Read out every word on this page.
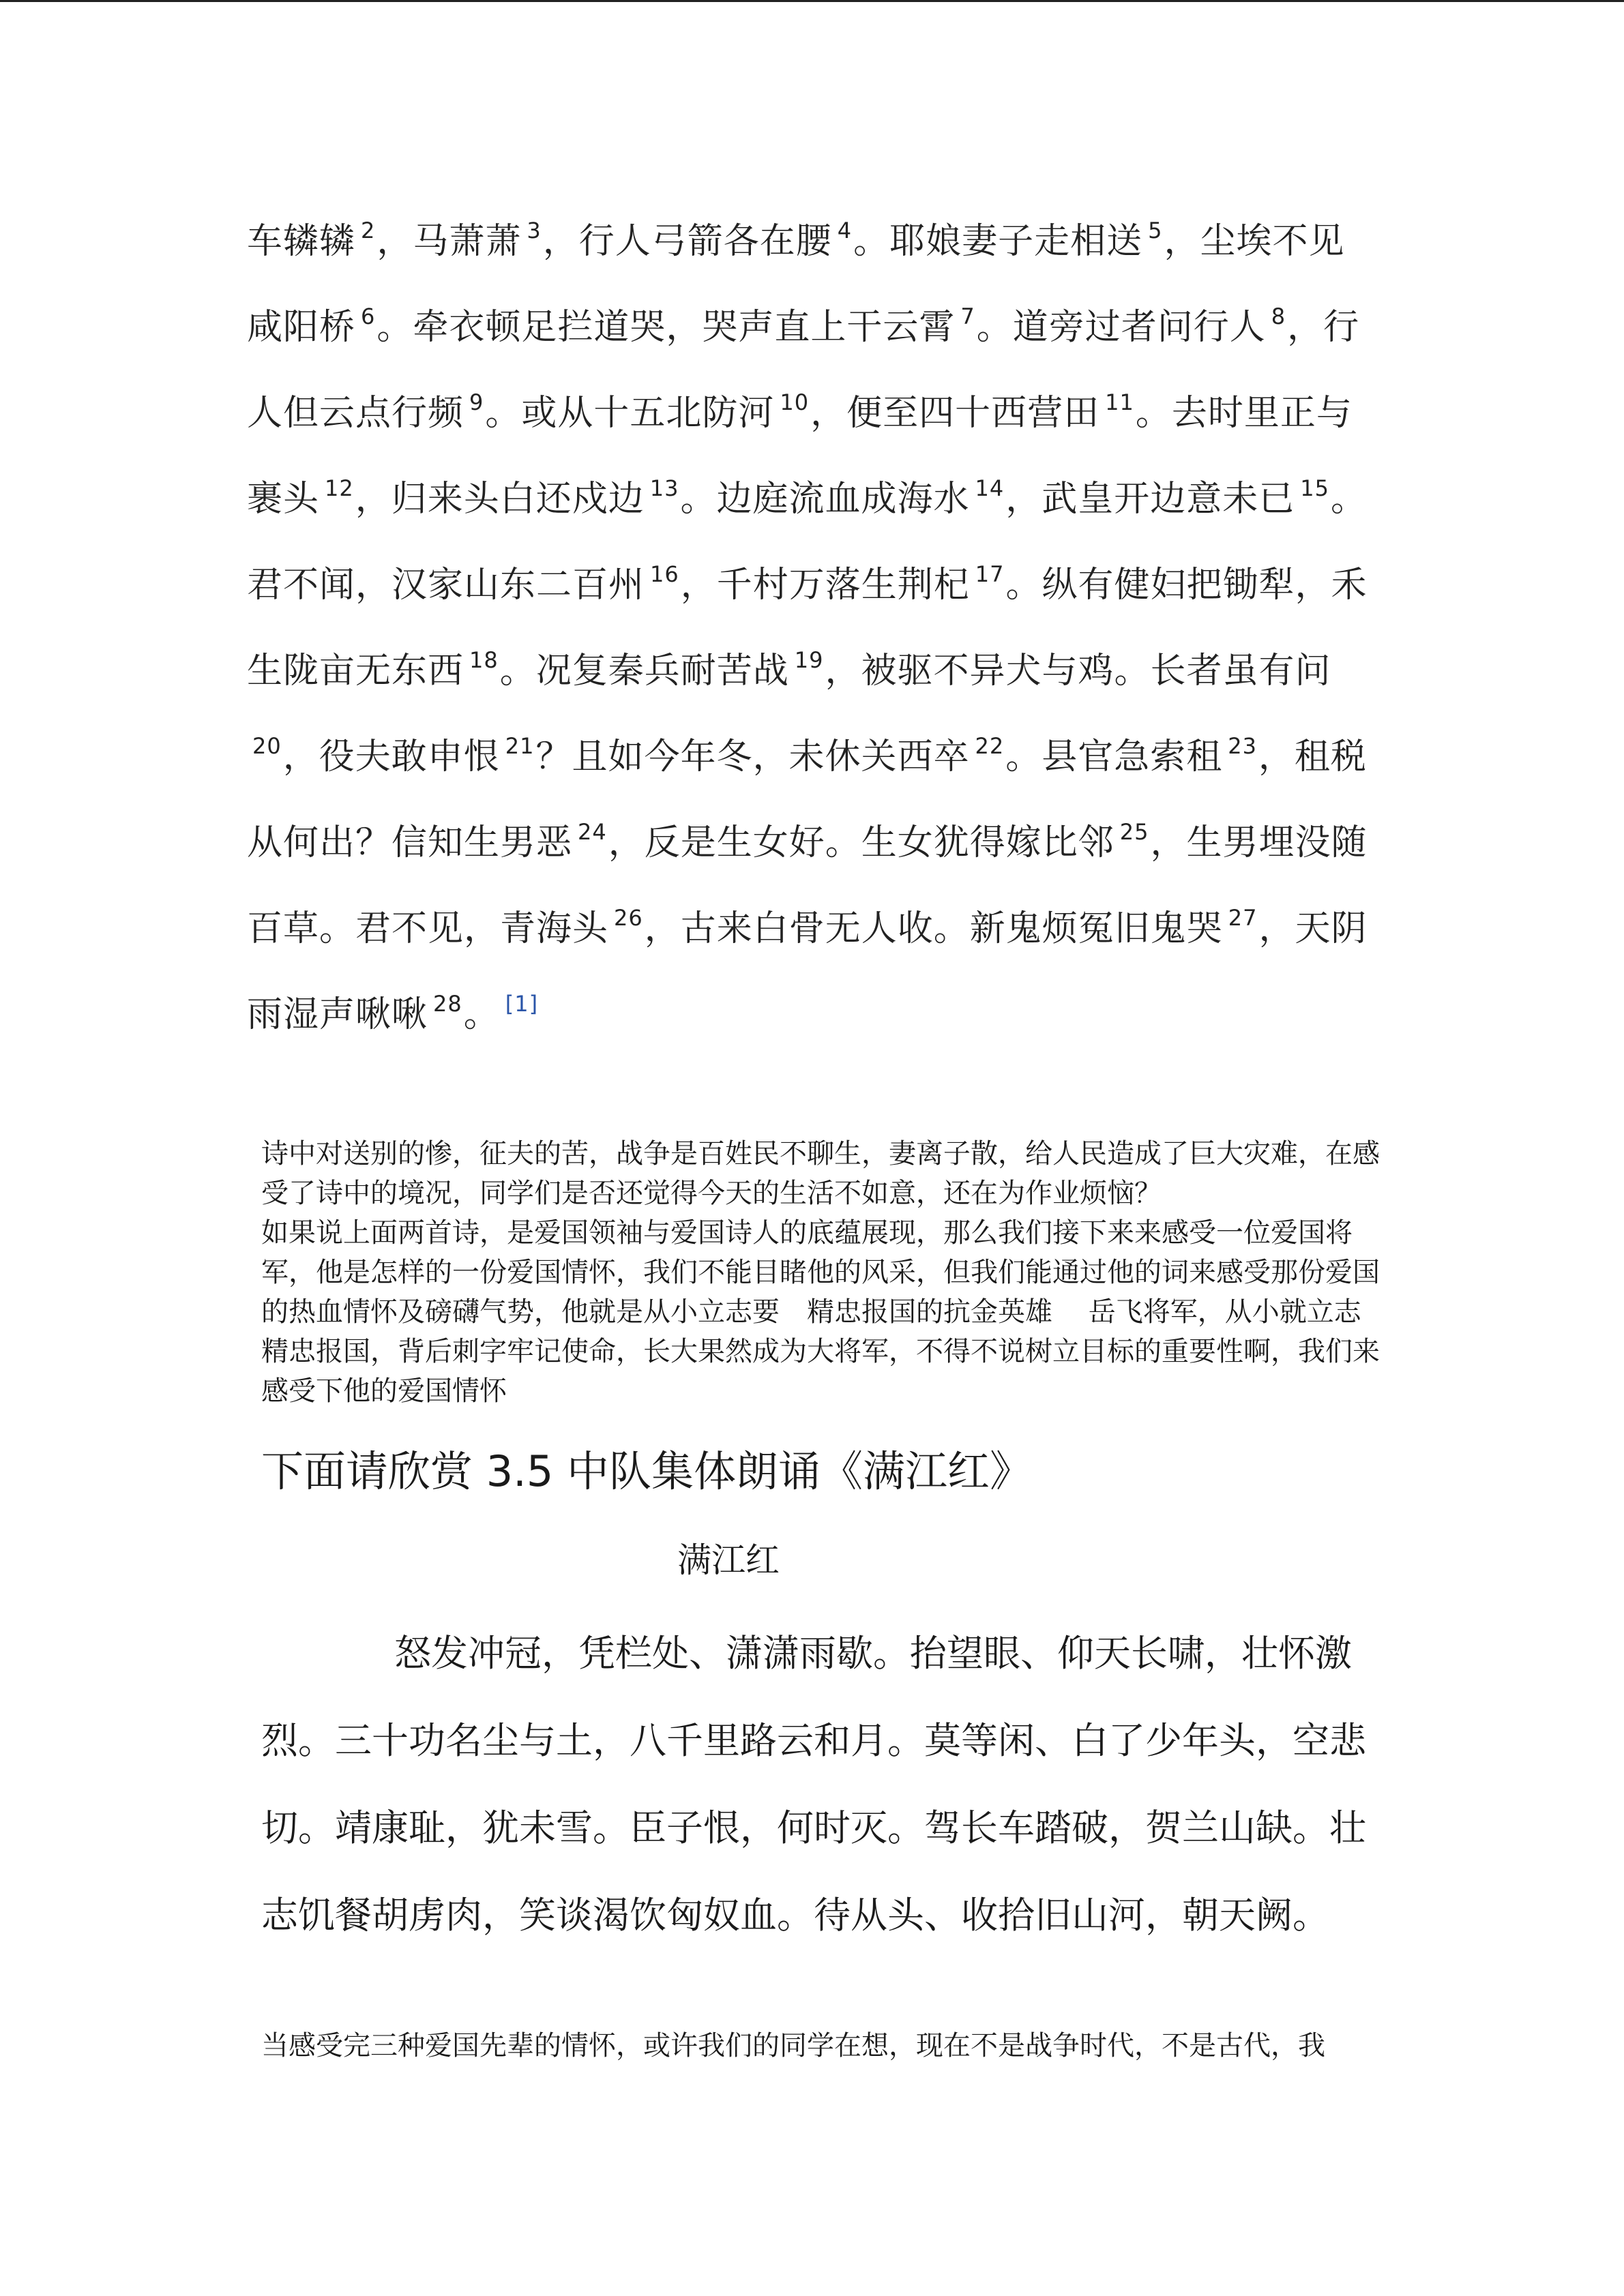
车辚辚 $^2$，马萧萧 $^3$，行人弓箭各在腰 $^4$。耶娘妻子走相送 $^5$，尘埃不见咸阳桥 $^6$。牵衣顿足拦道哭，哭声直上干云霄 $^7$。道旁过者问行人 $^8$，行人但云点行频 $^9$。或从十五北防河 $^{10}$，便至四十西营田 $^{11}$。去时里正与裹头 $^{12}$，归来头白还戍边 $^{13}$。边庭流血成海水 $^{14}$，武皇开边意未已 $^{15}$。君不闻，汉家山东二百州 $^{16}$，千村万落生荆杞 $^{17}$。纵有健妇把锄犁，禾生陇亩无东西 $^{18}$。况复秦兵耐苦战 $^{19}$，被驱不异犬与鸡。长者虽有问$^{20}$，役夫敢申恨 $^{21}$？且如今年冬，未休关西卒 $^{22}$。县官急索租 $^{23}$，租税从何出？信知生男恶 $^{24}$，反是生女好。生女犹得嫁比邻 $^{25}$，生男埋没随百草。君不见，青海头 $^{26}$，古来白骨无人收。新鬼烦冤旧鬼哭 $^{27}$，天阴雨湿声啾啾 $^{28}$。 [1]

诗中对送别的惨，征夫的苦，战争是百姓民不聊生，妻离子散，给人民造成了巨大灾难，在感受了诗中的境况，同学们是否还觉得今天的生活不如意，还在为作业烦恼？

如果说上面两首诗，是爱国领袖与爱国诗人的底蕴展现，那么我们接下来来感受一位爱国将军，他是怎样的一份爱国情怀，我们不能目睹他的风采，但我们能通过他的词来感受那份爱国的热血情怀及磅礴气势，他就是从小立志要　精忠报国的抗金英雄　 岳飞将军，从小就立志精忠报国，背后刺字牢记使命，长大果然成为大将军，不得不说树立目标的重要性啊，我们来感受下他的爱国情怀

下面请欣赏 3.5 中队集体朗诵《满江红》

满江红

怒发冲冠，凭栏处、潇潇雨歇。抬望眼、仰天长啸，壮怀激烈。三十功名尘与土，八千里路云和月。莫等闲、白了少年头，空悲切。靖康耻，犹未雪。臣子恨，何时灭。驾长车踏破，贺兰山缺。壮志饥餐胡虏肉，笑谈渴饮匈奴血。待从头、收拾旧山河，朝天阙。

当感受完三种爱国先辈的情怀，或许我们的同学在想，现在不是战争时代，不是古代，我
